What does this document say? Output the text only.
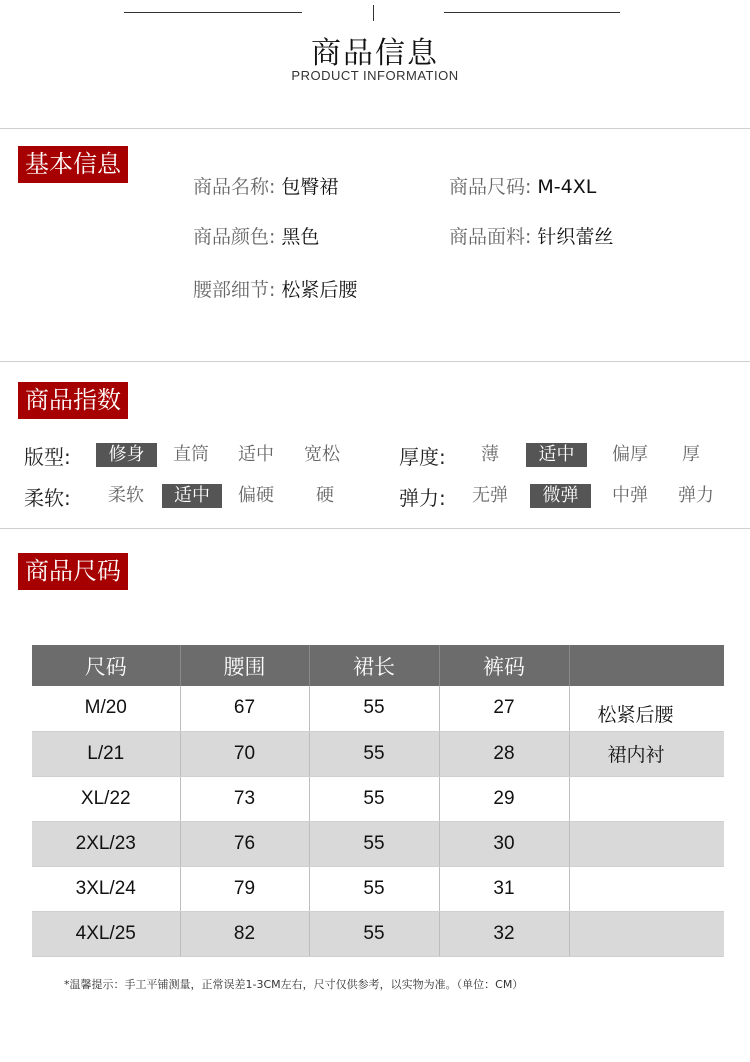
商品信息
PRODUCT INFORMATION
基本信息
商品名称: 包臀裙	商品尺码: M-4XL
商品颜色: 黑色	商品面料: 针织蕾丝
腰部细节: 松紧后腰
商品指数
版型:	修身	直筒	适中	宽松	厚度:	薄	适中	偏厚	厚
柔软:	柔软	适中	偏硬	硬	弹力:	无弹	微弹	中弹	弹力
商品尺码
尺码	腰围	裙长	裤码	
M/20	67	55	27	松紧后腰
L/21	70	55	28	裙内衬
XL/22	73	55	29	
2XL/23	76	55	30	
3XL/24	79	55	31	
4XL/25	82	55	32	
*温馨提示：手工平铺测量，正常误差1-3CM左右，尺寸仅供参考，以实物为准。（单位：CM）
